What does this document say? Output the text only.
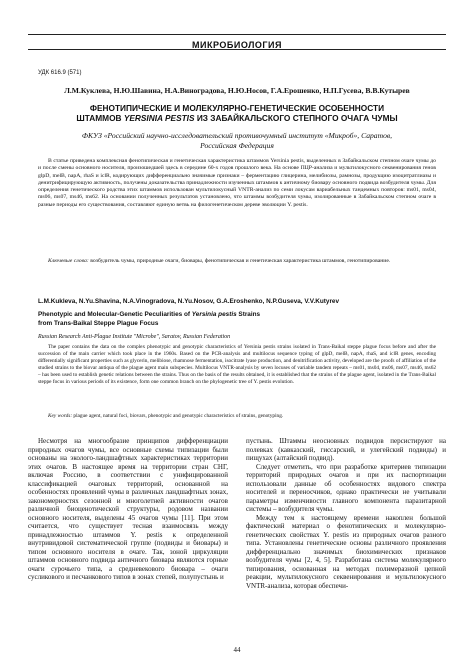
МИКРОБИОЛОГИЯ
УДК 616.9 (571)
Л.М.Куклева, Н.Ю.Шавина, Н.А.Виноградова, Н.Ю.Носов, Г.А.Ерошенко, Н.П.Гусева, В.В.Кутырев
ФЕНОТИПИЧЕСКИЕ И МОЛЕКУЛЯРНО-ГЕНЕТИЧЕСКИЕ ОСОБЕННОСТИ
ШТАММОВ YERSINIA PESTIS ИЗ ЗАБАЙКАЛЬСКОГО СТЕПНОГО ОЧАГА ЧУМЫ
ФКУЗ «Российский научно-исследовательский противочумный институт «Микроб», Саратов,
Российская Федерация

В статье приведена комплексная фенотипическая и генетическая характеристика штаммов Yersinia pestis, выделенных в Забайкальском степном очаге чумы до и после смены основного носителя, произошедшей здесь в середине 60-х годов прошлого века. На основе ПЦР-анализа и мультилокусного секвенирования генов glpD, melB, napA, rhaS и iclR, кодирующих дифференциально значимые признаки – ферментацию глицерина, мелибиозы, рамнозы, продукцию изоцитратлиазы и денитрифицирующую активность, получены доказательства принадлежности изученных штаммов к античному биовару основного подвида возбудителя чумы. Для определения генетического родства этих штаммов использован мультилокусный VNTR-анализ по семи локусам вариабельных тандемных повторов: ms01, ms04, ms06, ms07, ms46, ms62. На основании полученных результатов установлено, что штаммы возбудителя чумы, изолированные в Забайкальском степном очаге в разные периоды его существования, составляют единую ветвь на филогенетическом дереве эволюции Y. pestis.

Ключевые слова: возбудитель чумы, природные очаги, биовары, фенотипическая и генетическая характеристика штаммов, генотипирование.

L.M.Kukleva, N.Yu.Shavina, N.A.Vinogradova, N.Yu.Nosov, G.A.Eroshenko, N.P.Guseva, V.V.Kutyrev
Phenotypic and Molecular-Genetic Peculiarities of Yersinia pestis Strains
from Trans-Baikal Steppe Plague Focus
Russian Research Anti-Plague Institute "Microbe", Saratov, Russian Federation

The paper contains the data on the complex phenotypic and genotypic characteristics of Yersinia pestis strains isolated in Trans-Baikal steppe plague focus before and after the succession of the main carrier which took place in the 1960s. Based on the PCR-analysis and multilocus sequence typing of glpD, melB, napA, rhaS, and iclR genes, encoding differentially significant properties such as glycerin, melibiose, rhamnose fermentation, isocitrate lyase production, and denitrification activity, developed are the proofs of affiliation of the studied strains to the biovar antiqua of the plague agent main subspecies. Multilocus VNTR-analysis by seven locuses of variable tandem repeats – ms01, ms04, ms06, ms07, ms46, ms62 – has been used to establish genetic relations between the strains. Thus on the basis of the results obtained, it is established that the strains of the plague agent, isolated in the Trans-Baikal steppe focus in various periods of its existence, form one common branch on the phylogenetic tree of Y. pestis evolution.

Key words: plague agent, natural foci, biovars, phenotypic and genotypic characteristics of strains, genotyping.

Несмотря на многообразие принципов дифференциации природных очагов чумы, все основные схемы типизации были основаны на эколого-ландшафтных характеристиках территории этих очагов. В настоящее время на территории стран СНГ, включая Россию, в соответствии с унифицированной классификацией очаговых территорий, основанной на особенностях проявлений чумы в различных ландшафтных зонах, закономерностях сезонной и многолетней активности очагов различной биоценотической структуры, родовом названии основного носителя, выделены 45 очагов чумы [11]. При этом считается, что существует тесная взаимосвязь между принадлежностью штаммов Y. pestis к определенной внутривидовой систематической группе (подвиды и биовары) и типом основного носителя в очаге. Так, зоной циркуляции штаммов основного подвида античного биовара являются горные очаги сурочьего типа, а средневекового биовара – очаги сусликового и песчанкового типов в зонах степей, полупустынь и

пустынь. Штаммы неосновных подвидов персистируют на полевках (кавказский, гиссарский, и улегейский подвиды) и пищухах (алтайский подвид).

Следует отметить, что при разработке критериев типизации территорий природных очагов и при их паспортизации использовали данные об особенностях видового спектра носителей и переносчиков, однако практически не учитывали параметры изменчивости главного компонента паразитарной системы – возбудителя чумы.

Между тем к настоящему времени накоплен большой фактический материал о фенотипических и молекулярно-генетических свойствах Y. pestis из природных очагов разного типа. Установлены генетические основы различного проявления дифференциально значимых биохимических признаков возбудителя чумы [2, 4, 5]. Разработана система молекулярного типирования, основанная на методах полимеразной цепной реакции, мультилокусного секвенирования и мультилокусного VNTR-анализа, которая обеспечи-

44
